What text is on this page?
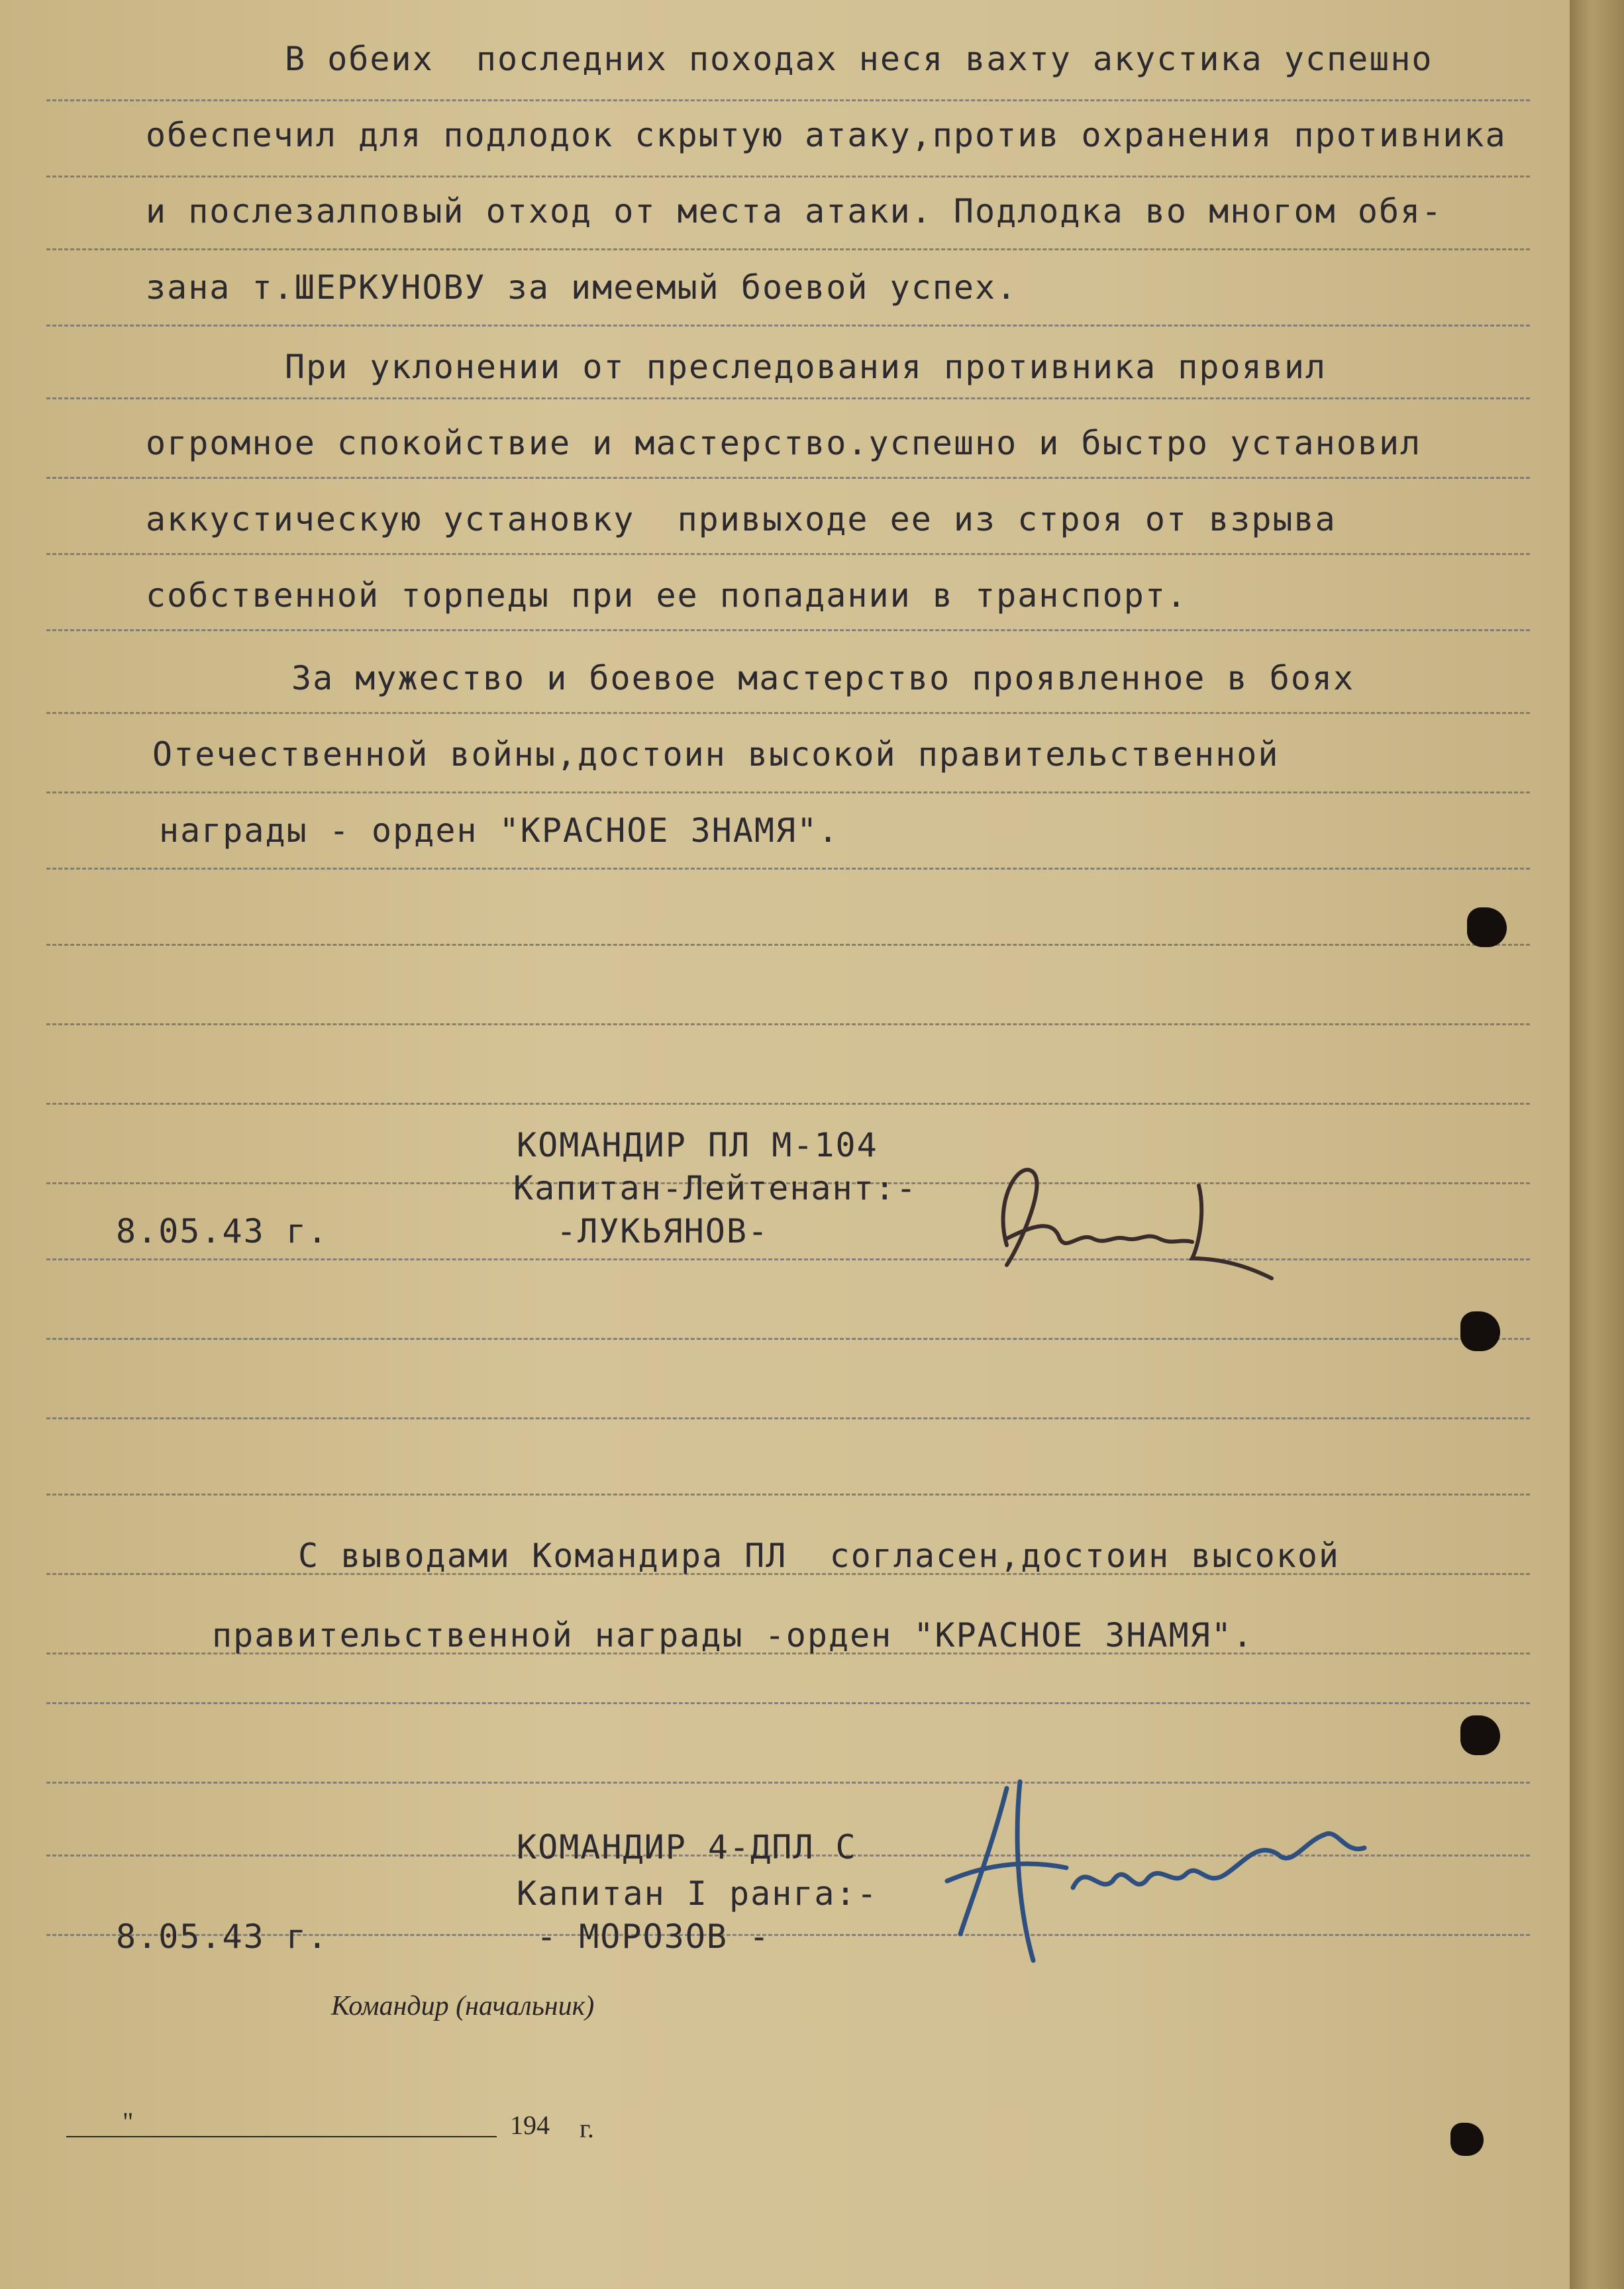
В обеих  последних походах неся вахту акустика успешно
обеспечил для подлодок скрытую атаку,против охранения противника
и послезалповый отход от места атаки. Подлодка во многом обя-
зана т.ШЕРКУНОВУ за имеемый боевой успех.
При уклонении от преследования противника проявил
огромное спокойствие и мастерство.успешно и быстро установил
аккустическую установку  привыходе ее из строя от взрыва
собственной торпеды при ее попадании в транспорт.
За мужество и боевое мастерство проявленное в боях
Отечественной войны,достоин высокой правительственной
награды - орден "КРАСНОЕ ЗНАМЯ".
КОМАНДИР ПЛ М-104
Капитан-Лейтенант:-
-ЛУКЬЯНОВ-
8.05.43 г.
С выводами Командира ПЛ  согласен,достоин высокой
правительственной награды -орден "КРАСНОЕ ЗНАМЯ".
КОМАНДИР 4-ДПЛ С
Капитан I ранга:-
- МОРОЗОВ -
8.05.43 г.
Командир (начальник)
"	194 г.
